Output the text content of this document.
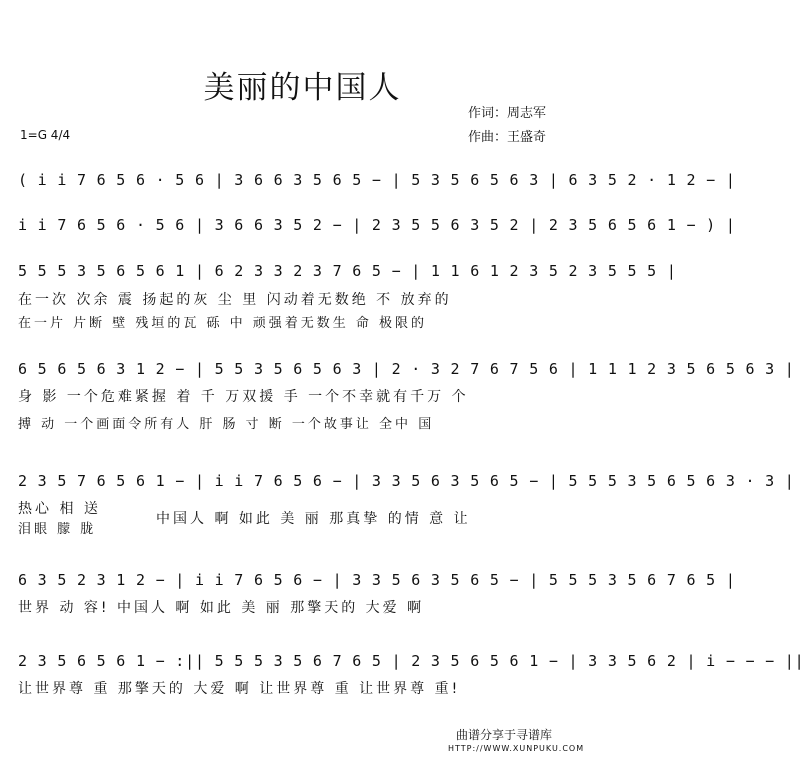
美丽的中国人
作词：周志军
作曲：王盛奇
1=G 4/4
( i i 7 6 5 6 · 5 6 | 3 6 6 3 5 6 5 − | 5 3 5 6 5 6 3 | 6 3 5 2 · 1 2 − |
i i 7 6 5 6 · 5 6 | 3 6 6 3 5 2 − | 2 3 5 5 6 3 5 2 | 2 3 5 6 5 6 1 − ) |
5 5 5 3 5 6 5 6 1 | 6 2 3 3 2 3 7 6 5 − | 1 1 6 1 2 3 5 2 3 5 5 5 |
在一次 次余 震 扬起的灰 尘 里 闪动着无数绝 不 放弃的
在一片 片断 壁 残垣的瓦 砾 中 顽强着无数生 命 极限的
6 5 6 5 6 3 1 2 − | 5 5 3 5 6 5 6 3 | 2 · 3 2 7 6 7 5 6 | 1 1 1 2 3 5 6 5 6 3 |
身 影 一个危难紧握 着 千 万双援 手 一个不幸就有千万 个
搏 动 一个画面令所有人 肝 肠 寸 断 一个故事让 全中 国
2 3 5 7 6 5 6 1 − | i i 7 6 5 6 − | 3 3 5 6 3 5 6 5 − | 5 5 5 3 5 6 5 6 3 · 3 |
热心 相 送
泪眼 朦 胧
中国人 啊 如此 美 丽 那真挚 的情 意 让
6 3 5 2 3 1 2 − | i i 7 6 5 6 − | 3 3 5 6 3 5 6 5 − | 5 5 5 3 5 6 7 6 5 |
世界 动 容! 中国人 啊 如此 美 丽 那擎天的 大爱 啊
2 3 5 6 5 6 1 − :|| 5 5 5 3 5 6 7 6 5 | 2 3 5 6 5 6 1 − | 3 3 5 6 2 | i − − − ||
让世界尊 重 那擎天的 大爱 啊 让世界尊 重 让世界尊 重!
曲谱分享于寻谱库
HTTP://WWW.XUNPUKU.COM
